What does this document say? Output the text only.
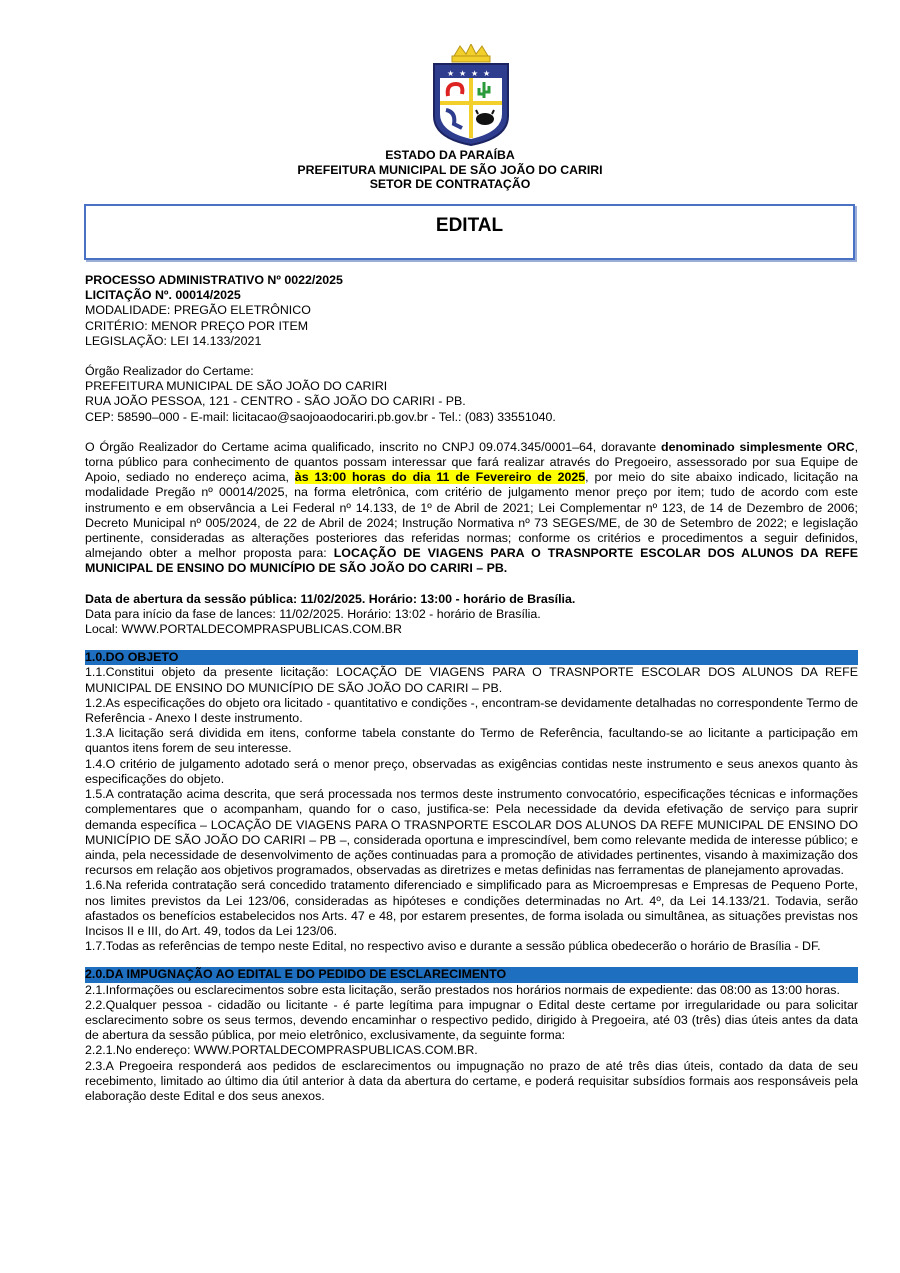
★ ★ ★ ★
ESTADO DA PARAÍBA
PREFEITURA MUNICIPAL DE SÃO JOÃO DO CARIRI
SETOR DE CONTRATAÇÃO
EDITAL

PROCESSO ADMINISTRATIVO Nº 0022/2025

LICITAÇÃO Nº. 00014/2025

MODALIDADE: PREGÃO ELETRÔNICO

CRITÉRIO: MENOR PREÇO POR ITEM

LEGISLAÇÃO: LEI 14.133/2021

Órgão Realizador do Certame:

PREFEITURA MUNICIPAL DE SÃO JOÃO DO CARIRI

RUA JOÃO PESSOA, 121 - CENTRO - SÃO JOÃO DO CARIRI - PB.

CEP: 58590–000 - E-mail: licitacao@saojoaodocariri.pb.gov.br - Tel.: (083) 33551040.

O Órgão Realizador do Certame acima qualificado, inscrito no CNPJ 09.074.345/0001–64, doravante denominado simplesmente ORC, torna público para conhecimento de quantos possam interessar que fará realizar através do Pregoeiro, assessorado por sua Equipe de Apoio, sediado no endereço acima, às 13:00 horas do dia 11 de Fevereiro de 2025, por meio do site abaixo indicado, licitação na modalidade Pregão nº 00014/2025, na forma eletrônica, com critério de julgamento menor preço por item; tudo de acordo com este instrumento e em observância a Lei Federal nº 14.133, de 1º de Abril de 2021; Lei Complementar nº 123, de 14 de Dezembro de 2006; Decreto Municipal nº 005/2024, de 22 de Abril de 2024; Instrução Normativa nº 73 SEGES/ME, de 30 de Setembro de 2022; e legislação pertinente, consideradas as alterações posteriores das referidas normas; conforme os critérios e procedimentos a seguir definidos, almejando obter a melhor proposta para: LOCAÇÃO DE VIAGENS PARA O TRASNPORTE ESCOLAR DOS ALUNOS DA REFE MUNICIPAL DE ENSINO DO MUNICÍPIO DE SÃO JOÃO DO CARIRI – PB.

Data de abertura da sessão pública: 11/02/2025. Horário: 13:00 - horário de Brasília.

Data para início da fase de lances: 11/02/2025. Horário: 13:02 - horário de Brasília.

Local: WWW.PORTALDECOMPRASPUBLICAS.COM.BR

1.0.DO OBJETO

1.1.Constitui objeto da presente licitação: LOCAÇÃO DE VIAGENS PARA O TRASNPORTE ESCOLAR DOS ALUNOS DA REFE MUNICIPAL DE ENSINO DO MUNICÍPIO DE SÃO JOÃO DO CARIRI – PB.

1.2.As especificações do objeto ora licitado - quantitativo e condições -, encontram-se devidamente detalhadas no correspondente Termo de Referência - Anexo I deste instrumento.

1.3.A licitação será dividida em itens, conforme tabela constante do Termo de Referência, facultando-se ao licitante a participação em quantos itens forem de seu interesse.

1.4.O critério de julgamento adotado será o menor preço, observadas as exigências contidas neste instrumento e seus anexos quanto às especificações do objeto.

1.5.A contratação acima descrita, que será processada nos termos deste instrumento convocatório, especificações técnicas e informações complementares que o acompanham, quando for o caso, justifica-se: Pela necessidade da devida efetivação de serviço para suprir demanda específica – LOCAÇÃO DE VIAGENS PARA O TRASNPORTE ESCOLAR DOS ALUNOS DA REFE MUNICIPAL DE ENSINO DO MUNICÍPIO DE SÃO JOÃO DO CARIRI – PB –, considerada oportuna e imprescindível, bem como relevante medida de interesse público; e ainda, pela necessidade de desenvolvimento de ações continuadas para a promoção de atividades pertinentes, visando à maximização dos recursos em relação aos objetivos programados, observadas as diretrizes e metas definidas nas ferramentas de planejamento aprovadas.

1.6.Na referida contratação será concedido tratamento diferenciado e simplificado para as Microempresas e Empresas de Pequeno Porte, nos limites previstos da Lei 123/06, consideradas as hipóteses e condições determinadas no Art. 4º, da Lei 14.133/21. Todavia, serão afastados os benefícios estabelecidos nos Arts. 47 e 48, por estarem presentes, de forma isolada ou simultânea, as situações previstas nos Incisos II e III, do Art. 49, todos da Lei 123/06.

1.7.Todas as referências de tempo neste Edital, no respectivo aviso e durante a sessão pública obedecerão o horário de Brasília - DF.

2.0.DA IMPUGNAÇÃO AO EDITAL E DO PEDIDO DE ESCLARECIMENTO

2.1.Informações ou esclarecimentos sobre esta licitação, serão prestados nos horários normais de expediente: das 08:00 as 13:00 horas.

2.2.Qualquer pessoa - cidadão ou licitante - é parte legítima para impugnar o Edital deste certame por irregularidade ou para solicitar esclarecimento sobre os seus termos, devendo encaminhar o respectivo pedido, dirigido à Pregoeira, até 03 (três) dias úteis antes da data de abertura da sessão pública, por meio eletrônico, exclusivamente, da seguinte forma:

2.2.1.No endereço: WWW.PORTALDECOMPRASPUBLICAS.COM.BR.

2.3.A Pregoeira responderá aos pedidos de esclarecimentos ou impugnação no prazo de até três dias úteis, contado da data de seu recebimento, limitado ao último dia útil anterior à data da abertura do certame, e poderá requisitar subsídios formais aos responsáveis pela elaboração deste Edital e dos seus anexos.
